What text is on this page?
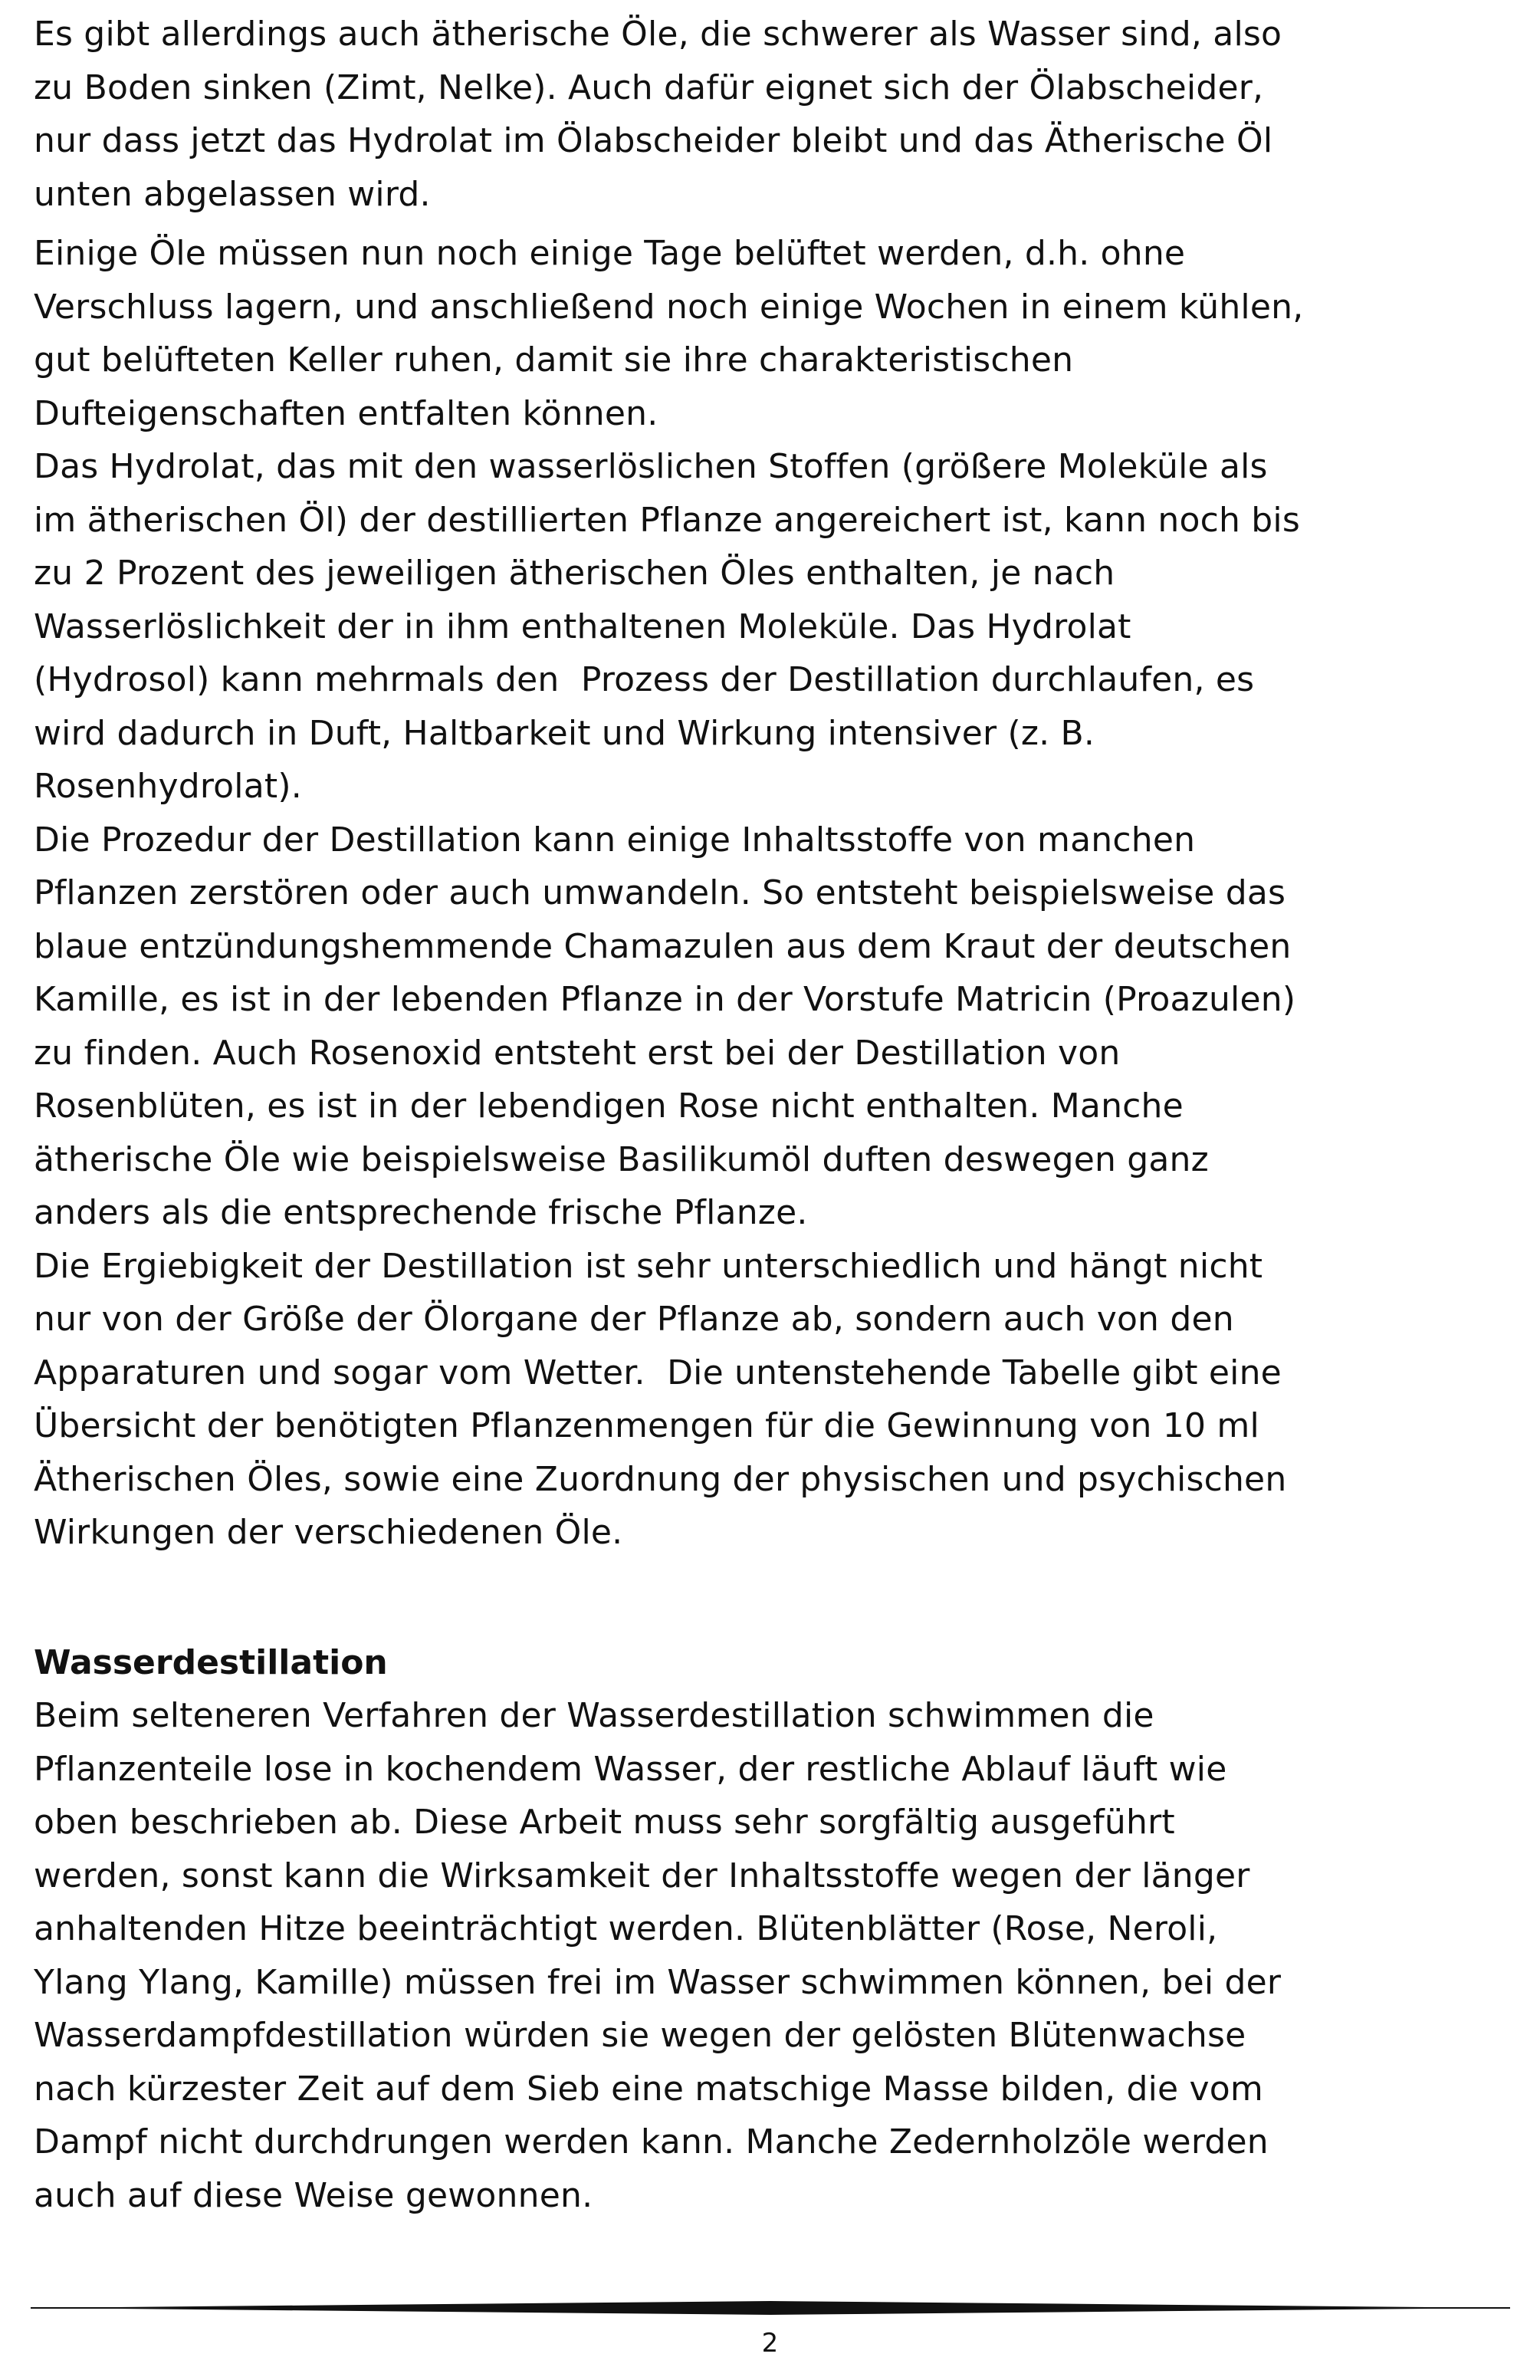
Es gibt allerdings auch ätherische Öle, die schwerer als Wasser sind, also
zu Boden sinken (Zimt, Nelke). Auch dafür eignet sich der Ölabscheider,
nur dass jetzt das Hydrolat im Ölabscheider bleibt und das Ätherische Öl
unten abgelassen wird.

Einige Öle müssen nun noch einige Tage belüftet werden, d.h. ohne
Verschluss lagern, und anschließend noch einige Wochen in einem kühlen,
gut belüfteten Keller ruhen, damit sie ihre charakteristischen
Dufteigenschaften entfalten können.

Das Hydrolat, das mit den wasserlöslichen Stoffen (größere Moleküle als
im ätherischen Öl) der destillierten Pflanze angereichert ist, kann noch bis
zu 2 Prozent des jeweiligen ätherischen Öles enthalten, je nach
Wasserlöslichkeit der in ihm enthaltenen Moleküle. Das Hydrolat
(Hydrosol) kann mehrmals den  Prozess der Destillation durchlaufen, es
wird dadurch in Duft, Haltbarkeit und Wirkung intensiver (z. B.
Rosenhydrolat).

Die Prozedur der Destillation kann einige Inhaltsstoffe von manchen
Pflanzen zerstören oder auch umwandeln. So entsteht beispielsweise das
blaue entzündungshemmende Chamazulen aus dem Kraut der deutschen
Kamille, es ist in der lebenden Pflanze in der Vorstufe Matricin (Proazulen)
zu finden. Auch Rosenoxid entsteht erst bei der Destillation von
Rosenblüten, es ist in der lebendigen Rose nicht enthalten. Manche
ätherische Öle wie beispielsweise Basilikumöl duften deswegen ganz
anders als die entsprechende frische Pflanze.

Die Ergiebigkeit der Destillation ist sehr unterschiedlich und hängt nicht
nur von der Größe der Ölorgane der Pflanze ab, sondern auch von den
Apparaturen und sogar vom Wetter.  Die untenstehende Tabelle gibt eine
Übersicht der benötigten Pflanzenmengen für die Gewinnung von 10 ml
Ätherischen Öles, sowie eine Zuordnung der physischen und psychischen
Wirkungen der verschiedenen Öle.

Wasserdestillation

Beim selteneren Verfahren der Wasserdestillation schwimmen die
Pflanzenteile lose in kochendem Wasser, der restliche Ablauf läuft wie
oben beschrieben ab. Diese Arbeit muss sehr sorgfältig ausgeführt
werden, sonst kann die Wirksamkeit der Inhaltsstoffe wegen der länger
anhaltenden Hitze beeinträchtigt werden. Blütenblätter (Rose, Neroli,
Ylang Ylang, Kamille) müssen frei im Wasser schwimmen können, bei der
Wasserdampfdestillation würden sie wegen der gelösten Blütenwachse
nach kürzester Zeit auf dem Sieb eine matschige Masse bilden, die vom
Dampf nicht durchdrungen werden kann. Manche Zedernholzöle werden
auch auf diese Weise gewonnen.

2
